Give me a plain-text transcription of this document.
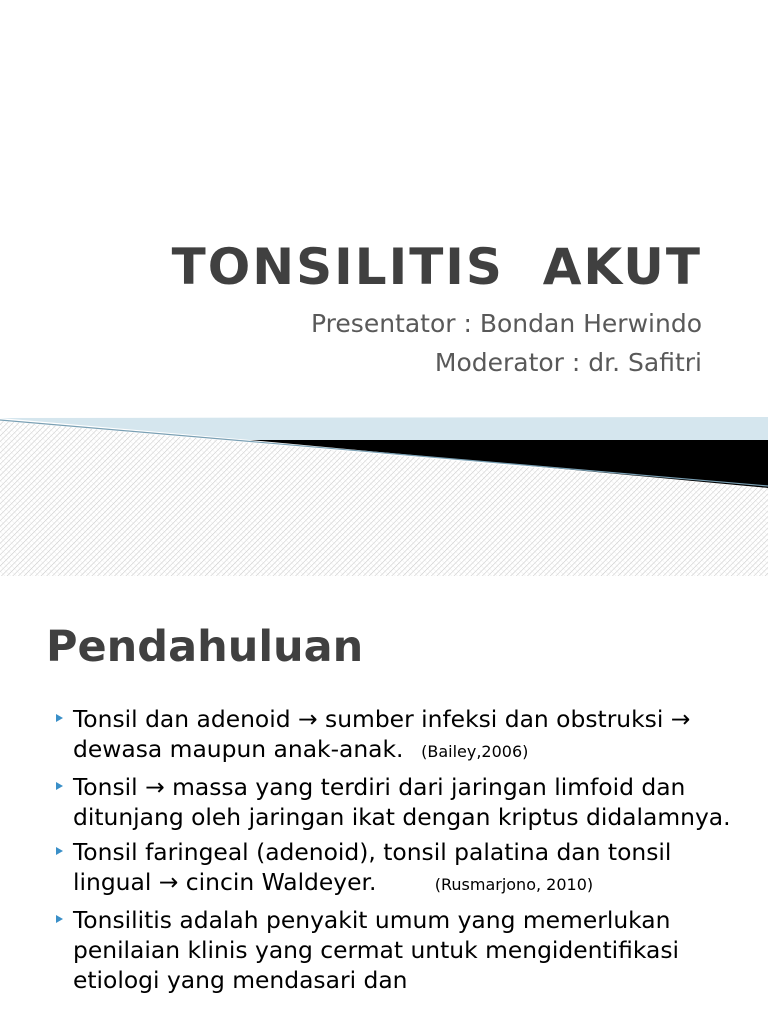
TONSILITIS  AKUT
Presentator : Bondan Herwindo
Moderator : dr. Safitri
Pendahuluan
Tonsil dan adenoid → sumber infeksi dan obstruksi → dewasa maupun anak-anak. (Bailey,2006)
Tonsil → massa yang terdiri dari jaringan limfoid dan ditunjang oleh jaringan ikat dengan kriptus didalamnya.
Tonsil faringeal (adenoid), tonsil palatina dan tonsil lingual → cincin Waldeyer.	(Rusmarjono, 2010)
Tonsilitis adalah penyakit umum yang memerlukan penilaian klinis yang cermat untuk mengidentifikasi etiologi yang mendasari dan
